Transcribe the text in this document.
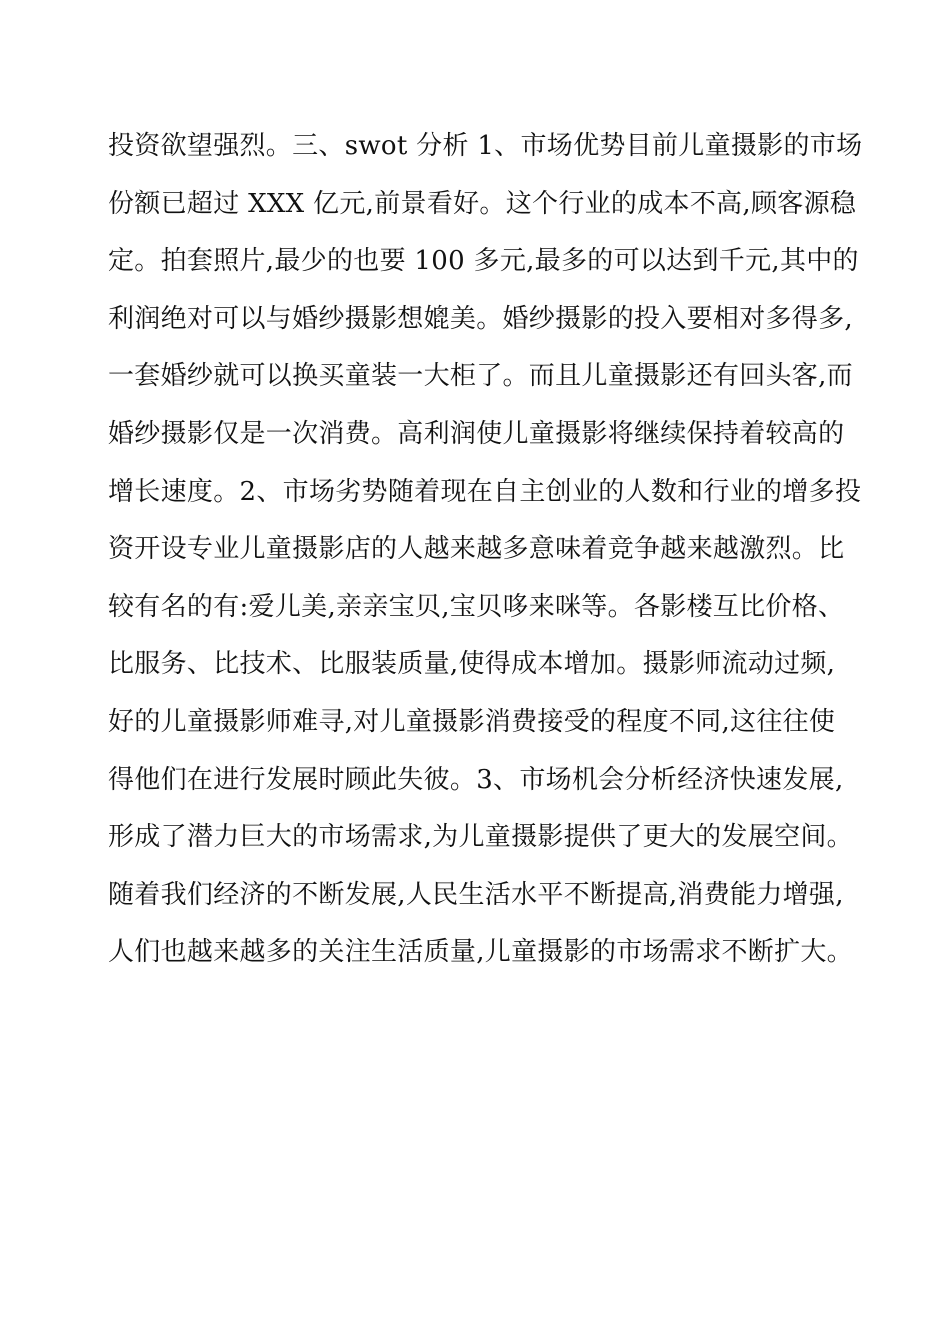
投资欲望强烈。三、swot 分析 1、市场优势目前儿童摄影的市场
份额已超过 XXX 亿元,前景看好。这个行业的成本不高,顾客源稳
定。拍套照片,最少的也要 100 多元,最多的可以达到千元,其中的
利润绝对可以与婚纱摄影想媲美。婚纱摄影的投入要相对多得多,
一套婚纱就可以换买童装一大柜了。而且儿童摄影还有回头客,而
婚纱摄影仅是一次消费。高利润使儿童摄影将继续保持着较高的
增长速度。2、市场劣势随着现在自主创业的人数和行业的增多投
资开设专业儿童摄影店的人越来越多意味着竞争越来越激烈。比
较有名的有:爱儿美,亲亲宝贝,宝贝哆来咪等。各影楼互比价格、
比服务、比技术、比服装质量,使得成本增加。摄影师流动过频,
好的儿童摄影师难寻,对儿童摄影消费接受的程度不同,这往往使
得他们在进行发展时顾此失彼。3、市场机会分析经济快速发展,
形成了潜力巨大的市场需求,为儿童摄影提供了更大的发展空间。
随着我们经济的不断发展,人民生活水平不断提高,消费能力增强,
人们也越来越多的关注生活质量,儿童摄影的市场需求不断扩大。
